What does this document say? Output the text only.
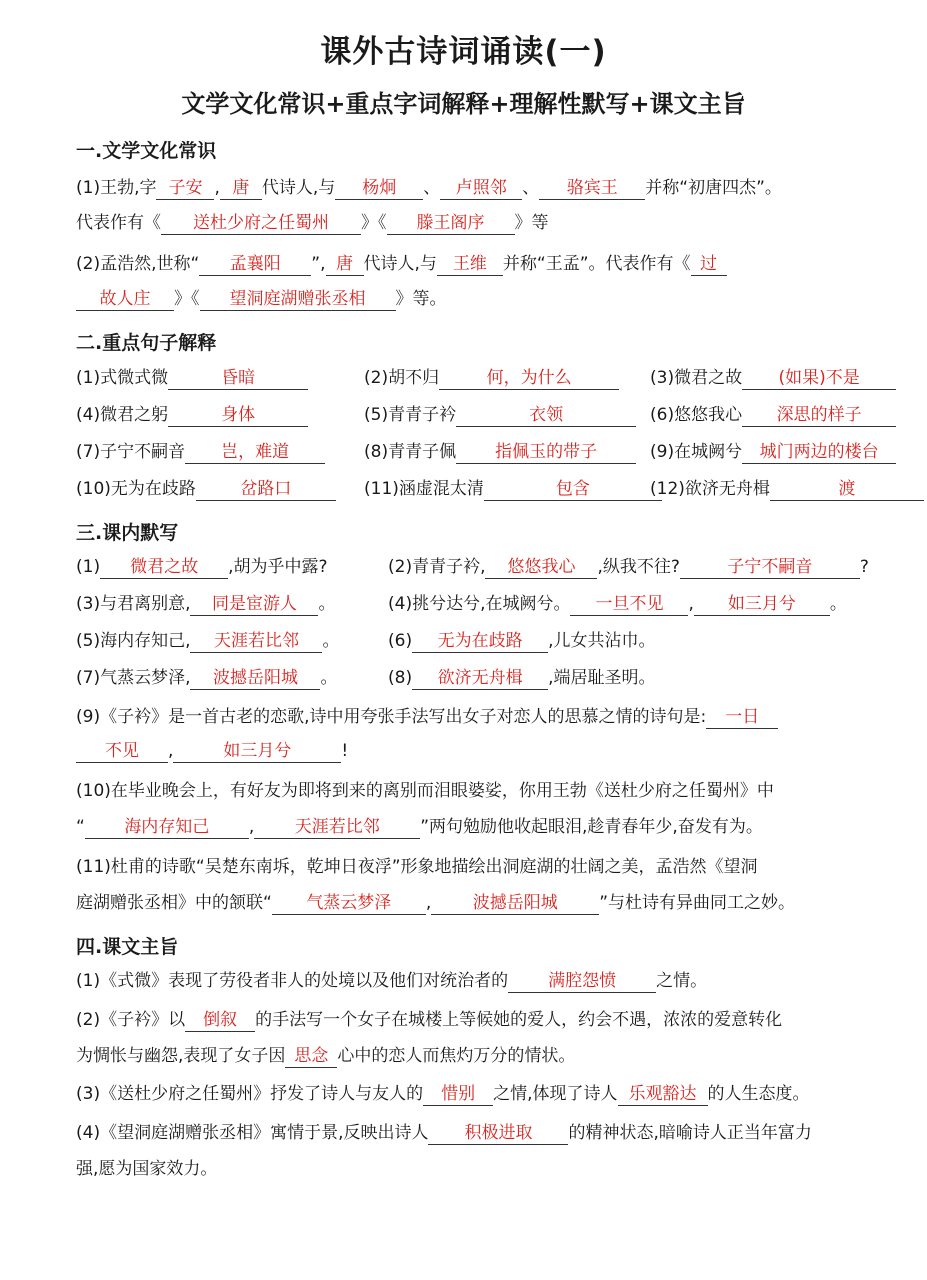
课外古诗词诵读(一)
文学文化常识+重点字词解释+理解性默写+课文主旨
一.文学文化常识
(1)王勃,字 子安 , 唐 代诗人,与 杨炯 、 卢照邻 、 骆宾王 并称“初唐四杰”。
代表作有《 送杜少府之任蜀州 》《 滕王阁序 》等
(2)孟浩然,世称“ 孟襄阳 ”, 唐 代诗人,与 王维 并称“王孟”。代表作有《 过
故人庄 》《 望洞庭湖赠张丞相 》等。
二.重点句子解释
(1)式微式微	昏暗	(2)胡不归	何，为什么	(3)微君之故 (如果)不是
(4)微君之躬	身体	(5)青青子衿	衣领	(6)悠悠我心 深思的样子
(7)子宁不嗣音 岂，难道	(8)青青子佩 指佩玉的带子	(9)在城阙兮 城门两边的楼台
(10)无为在歧路	岔路口	(11)涵虚混太清	包含	(12)欲济无舟楫	渡
三.课内默写
(1) 微君之故 ,胡为乎中露?	(2)青青子衿, 悠悠我心 ,纵我不往?	子宁不嗣音	?
(3)与君离别意, 同是宦游人 。	(4)挑兮达兮,在城阙兮。 一旦不见 , 如三月兮 。
(5)海内存知己, 天涯若比邻 。	(6) 无为在歧路 ,儿女共沾巾。
(7)气蒸云梦泽, 波撼岳阳城 。	(8) 欲济无舟楫 ,端居耻圣明。
(9)《子衿》是一首古老的恋歌,诗中用夸张手法写出女子对恋人的思慕之情的诗句是: 一日
不见 ,	如三月兮	!
(10)在毕业晚会上，有好友为即将到来的离别而泪眼婆娑，你用王勃《送杜少府之任蜀州》中
“ 海内存知己 , 天涯若比邻 ”两句勉励他收起眼泪,趁青春年少,奋发有为。
(11)杜甫的诗歌“吴楚东南坼，乾坤日夜浮”形象地描绘出洞庭湖的壮阔之美，孟浩然《望洞
庭湖赠张丞相》中的颔联“ 气蒸云梦泽 , 波撼岳阳城 ”与杜诗有异曲同工之妙。
四.课文主旨
(1)《式微》表现了劳役者非人的处境以及他们对统治者的 满腔怨愤 之情。
(2)《子衿》以 倒叙 的手法写一个女子在城楼上等候她的爱人，约会不遇，浓浓的爱意转化
为惆怅与幽怨,表现了女子因 思念 心中的恋人而焦灼万分的情状。
(3)《送杜少府之任蜀州》抒发了诗人与友人的 惜别 之情,体现了诗人 乐观豁达 的人生态度。
(4)《望洞庭湖赠张丞相》寓情于景,反映出诗人 积极进取 的精神状态,暗喻诗人正当年富力
强,愿为国家效力。
